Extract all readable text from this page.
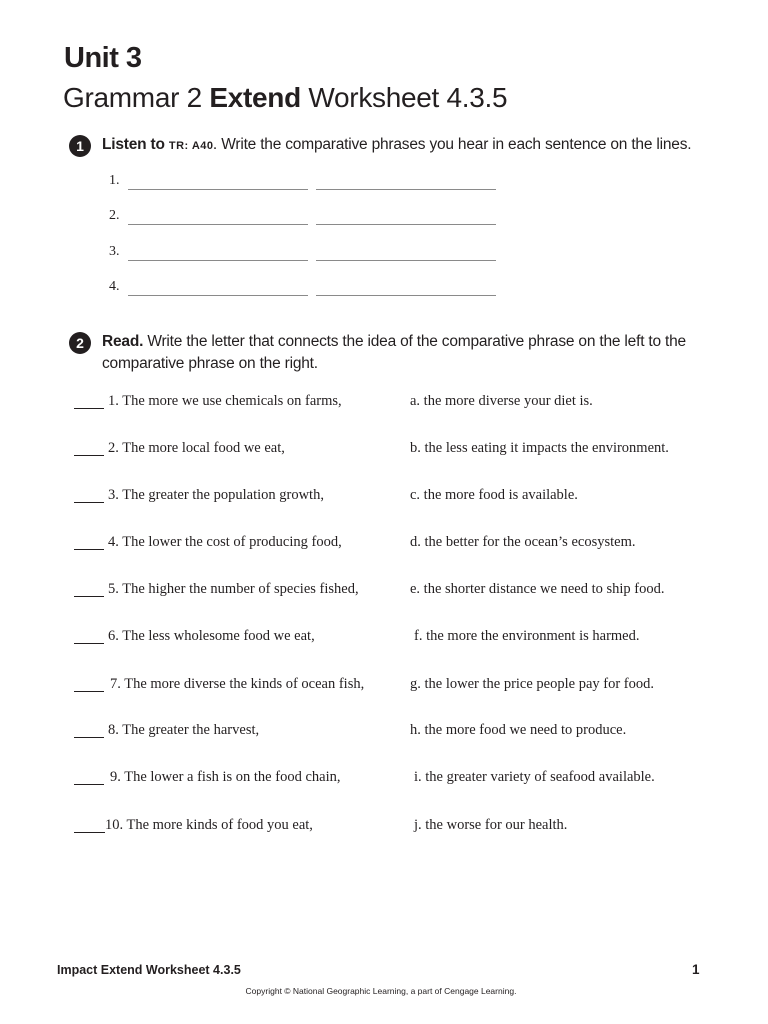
Unit 3
Grammar 2 Extend Worksheet 4.3.5
1	Listen to TR: A40. Write the comparative phrases you hear in each sentence on the lines.
1.
2.
3.
4.
2	Read. Write the letter that connects the idea of the comparative phrase on the left to the
comparative phrase on the right.
1. The more we use chemicals on farms,	a. the more diverse your diet is.
2. The more local food we eat,	b. the less eating it impacts the environment.
3. The greater the population growth,	c. the more food is available.
4. The lower the cost of producing food,	d. the better for the ocean’s ecosystem.
5. The higher the number of species fished,	e. the shorter distance we need to ship food.
6. The less wholesome food we eat,	f. the more the environment is harmed.
7. The more diverse the kinds of ocean fish,	g. the lower the price people pay for food.
8. The greater the harvest,	h. the more food we need to produce.
9. The lower a fish is on the food chain,	i. the greater variety of seafood available.
10. The more kinds of food you eat,	j. the worse for our health.
Impact Extend Worksheet 4.3.5	1
Copyright © National Geographic Learning, a part of Cengage Learning.
